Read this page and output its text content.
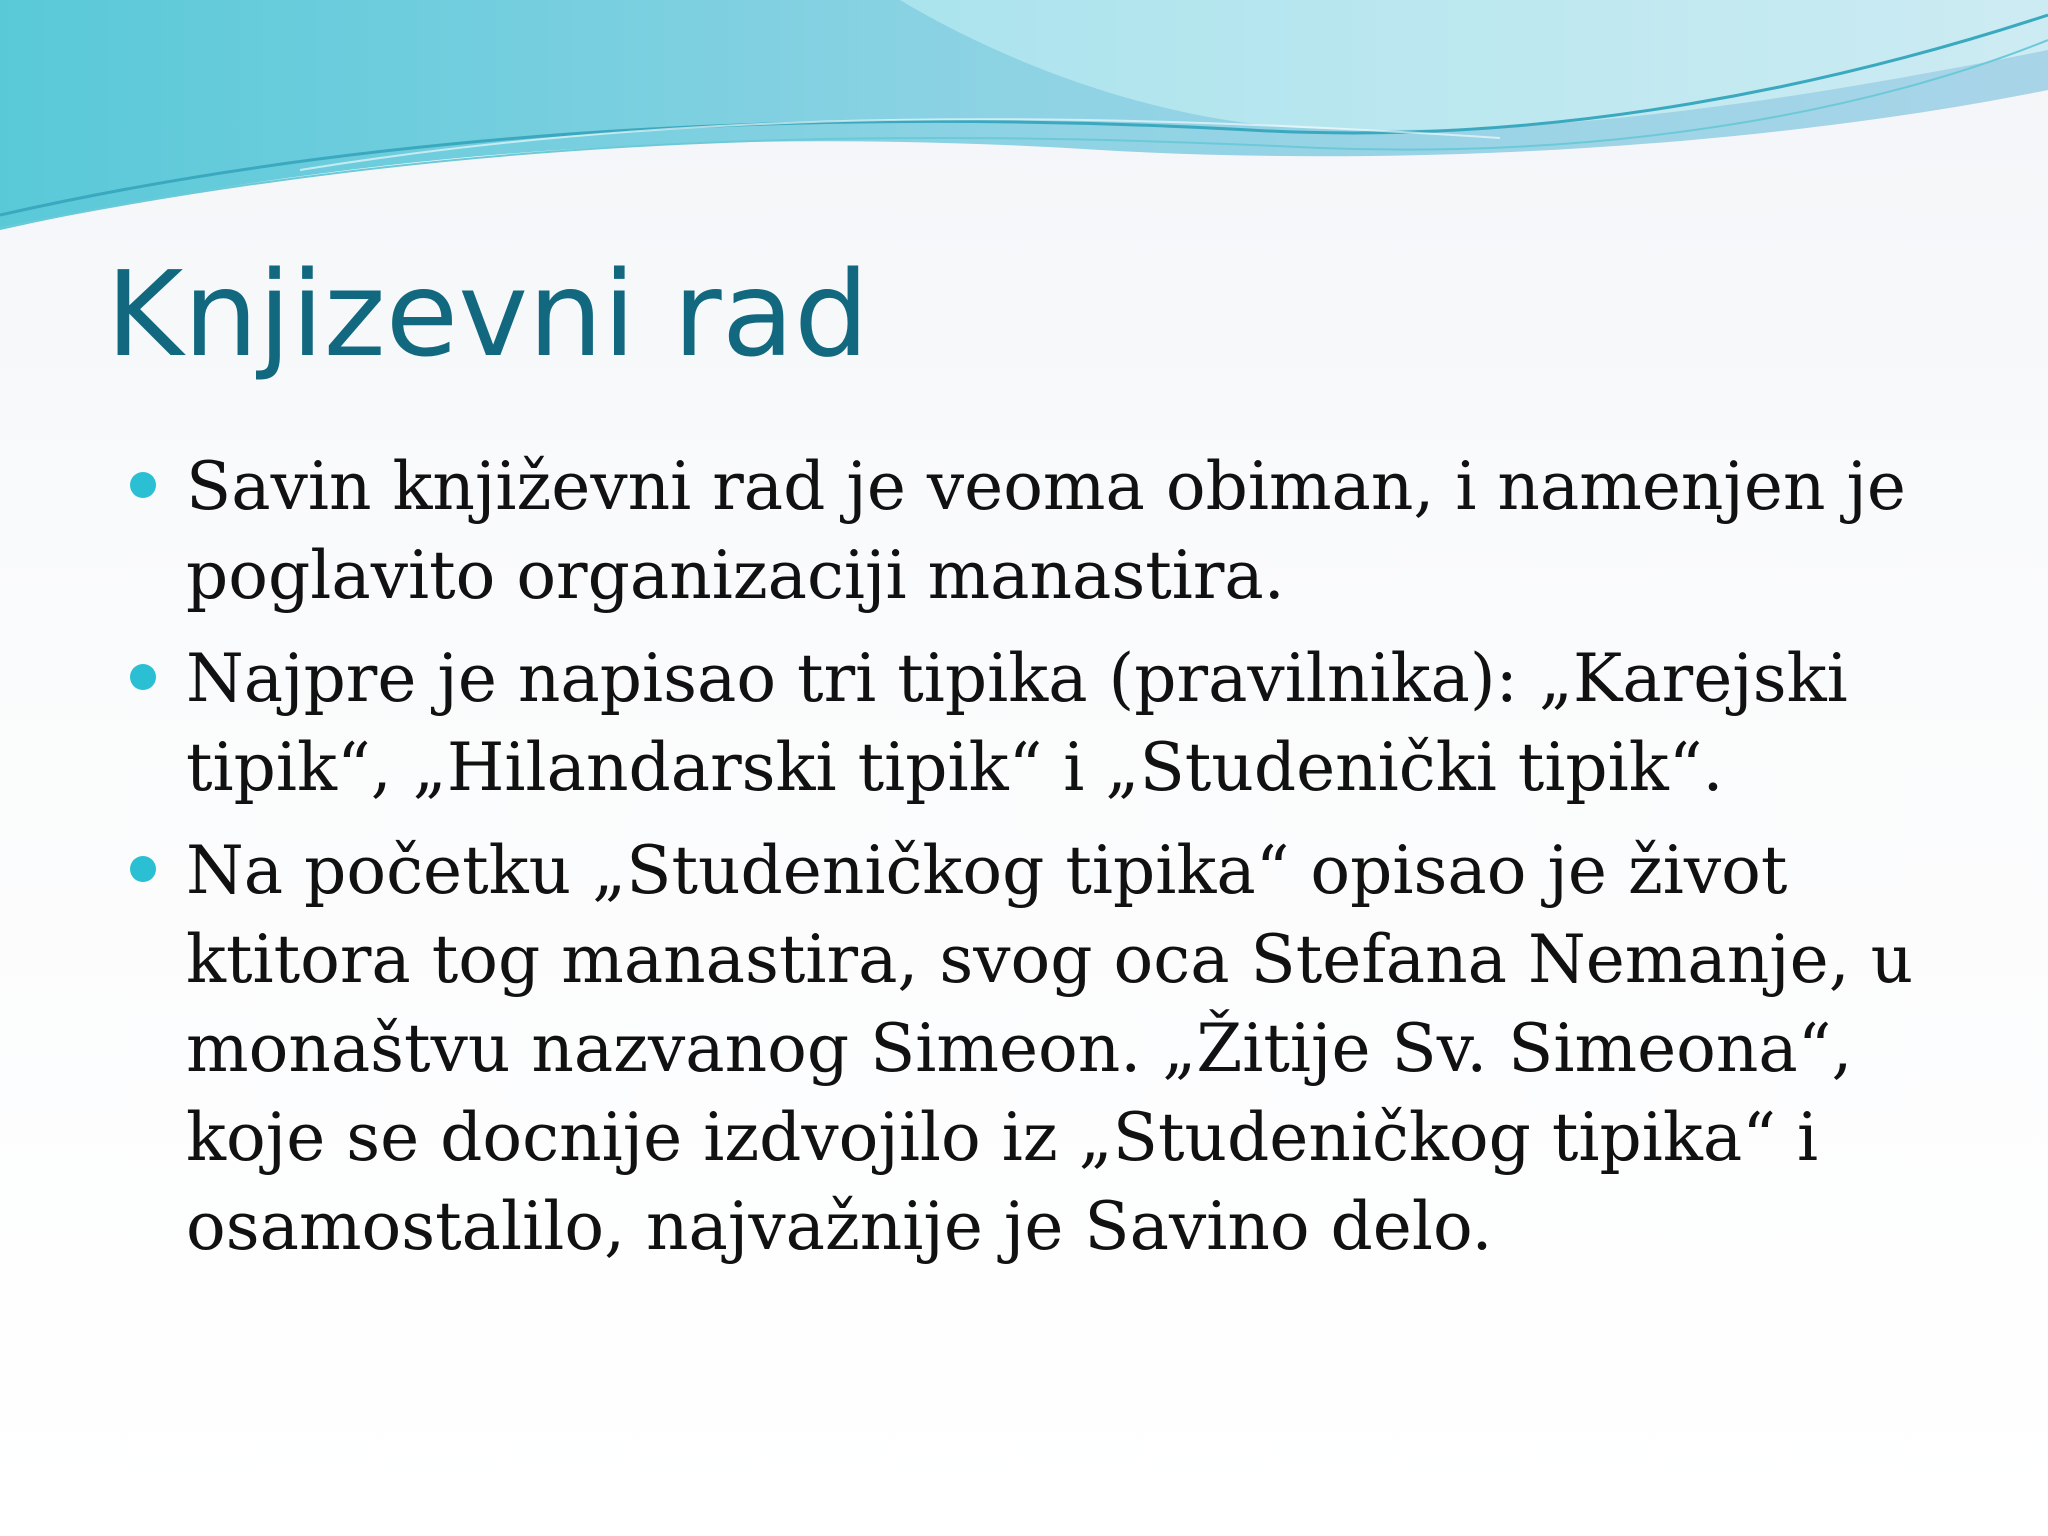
Knjizevni rad
Savin književni rad je veoma obiman, i namenjen je poglavito organizaciji manastira.
Najpre je napisao tri tipika (pravilnika): „Karejski tipik“, „Hilandarski tipik“ i „Studenički tipik“.
Na početku „Studeničkog tipika“ opisao je život ktitora tog manastira, svog oca Stefana Nemanje, u monaštvu nazvanog Simeon. „Žitije Sv. Simeona“, koje se docnije izdvojilo iz „Studeničkog tipika“ i osamostalilo, najvažnije je Savino delo.
